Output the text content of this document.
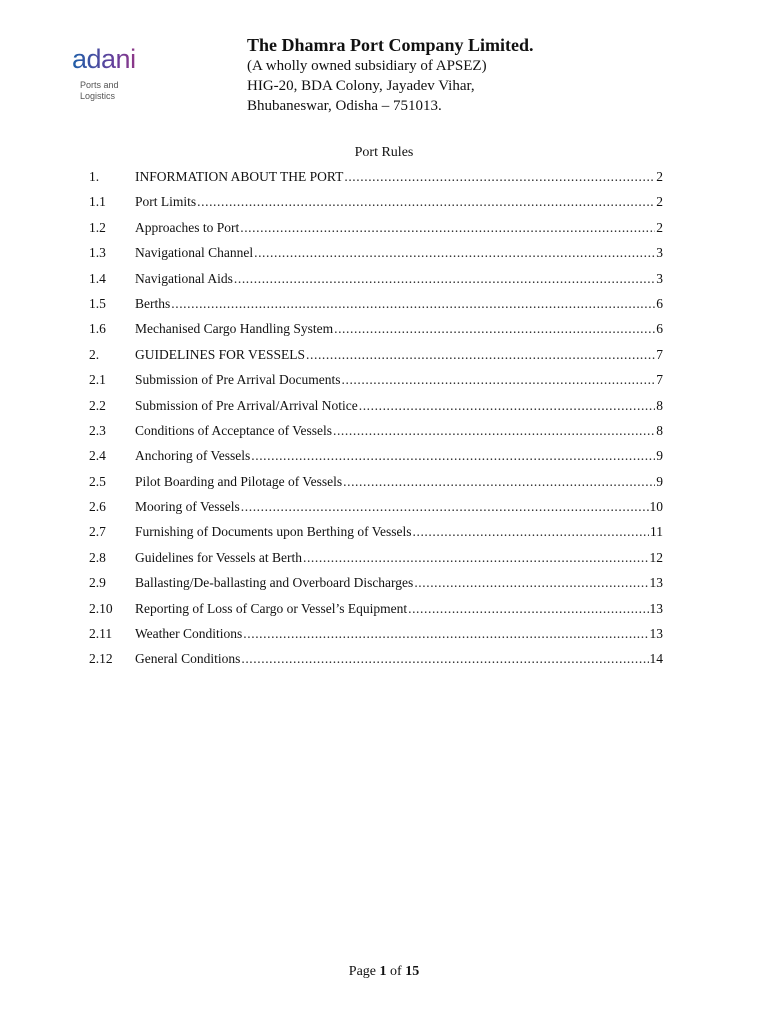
adani
Ports and
Logistics
The Dhamra Port Company Limited.
(A wholly owned subsidiary of APSEZ)
HIG-20, BDA Colony, Jayadev Vihar,
Bhubaneswar, Odisha – 751013.
Port Rules
1.	INFORMATION ABOUT THE PORT .....	2
1.1	Port Limits .....	2
1.2	Approaches to Port .....	2
1.3	Navigational Channel .....	3
1.4	Navigational Aids .....	3
1.5	Berths .....	6
1.6	Mechanised Cargo Handling System .....	6
2.	GUIDELINES FOR VESSELS .....	7
2.1	Submission of Pre Arrival Documents .....	7
2.2	Submission of Pre Arrival/Arrival Notice .....	8
2.3	Conditions of Acceptance of Vessels .....	8
2.4	Anchoring of Vessels .....	9
2.5	Pilot Boarding and Pilotage of Vessels .....	9
2.6	Mooring of Vessels .....	10
2.7	Furnishing of Documents upon Berthing of Vessels .....	11
2.8	Guidelines for Vessels at Berth .....	12
2.9	Ballasting/De-ballasting and Overboard Discharges .....	13
2.10	Reporting of Loss of Cargo or Vessel’s Equipment .....	13
2.11	Weather Conditions .....	13
2.12	General Conditions .....	14
Page 1 of 15
